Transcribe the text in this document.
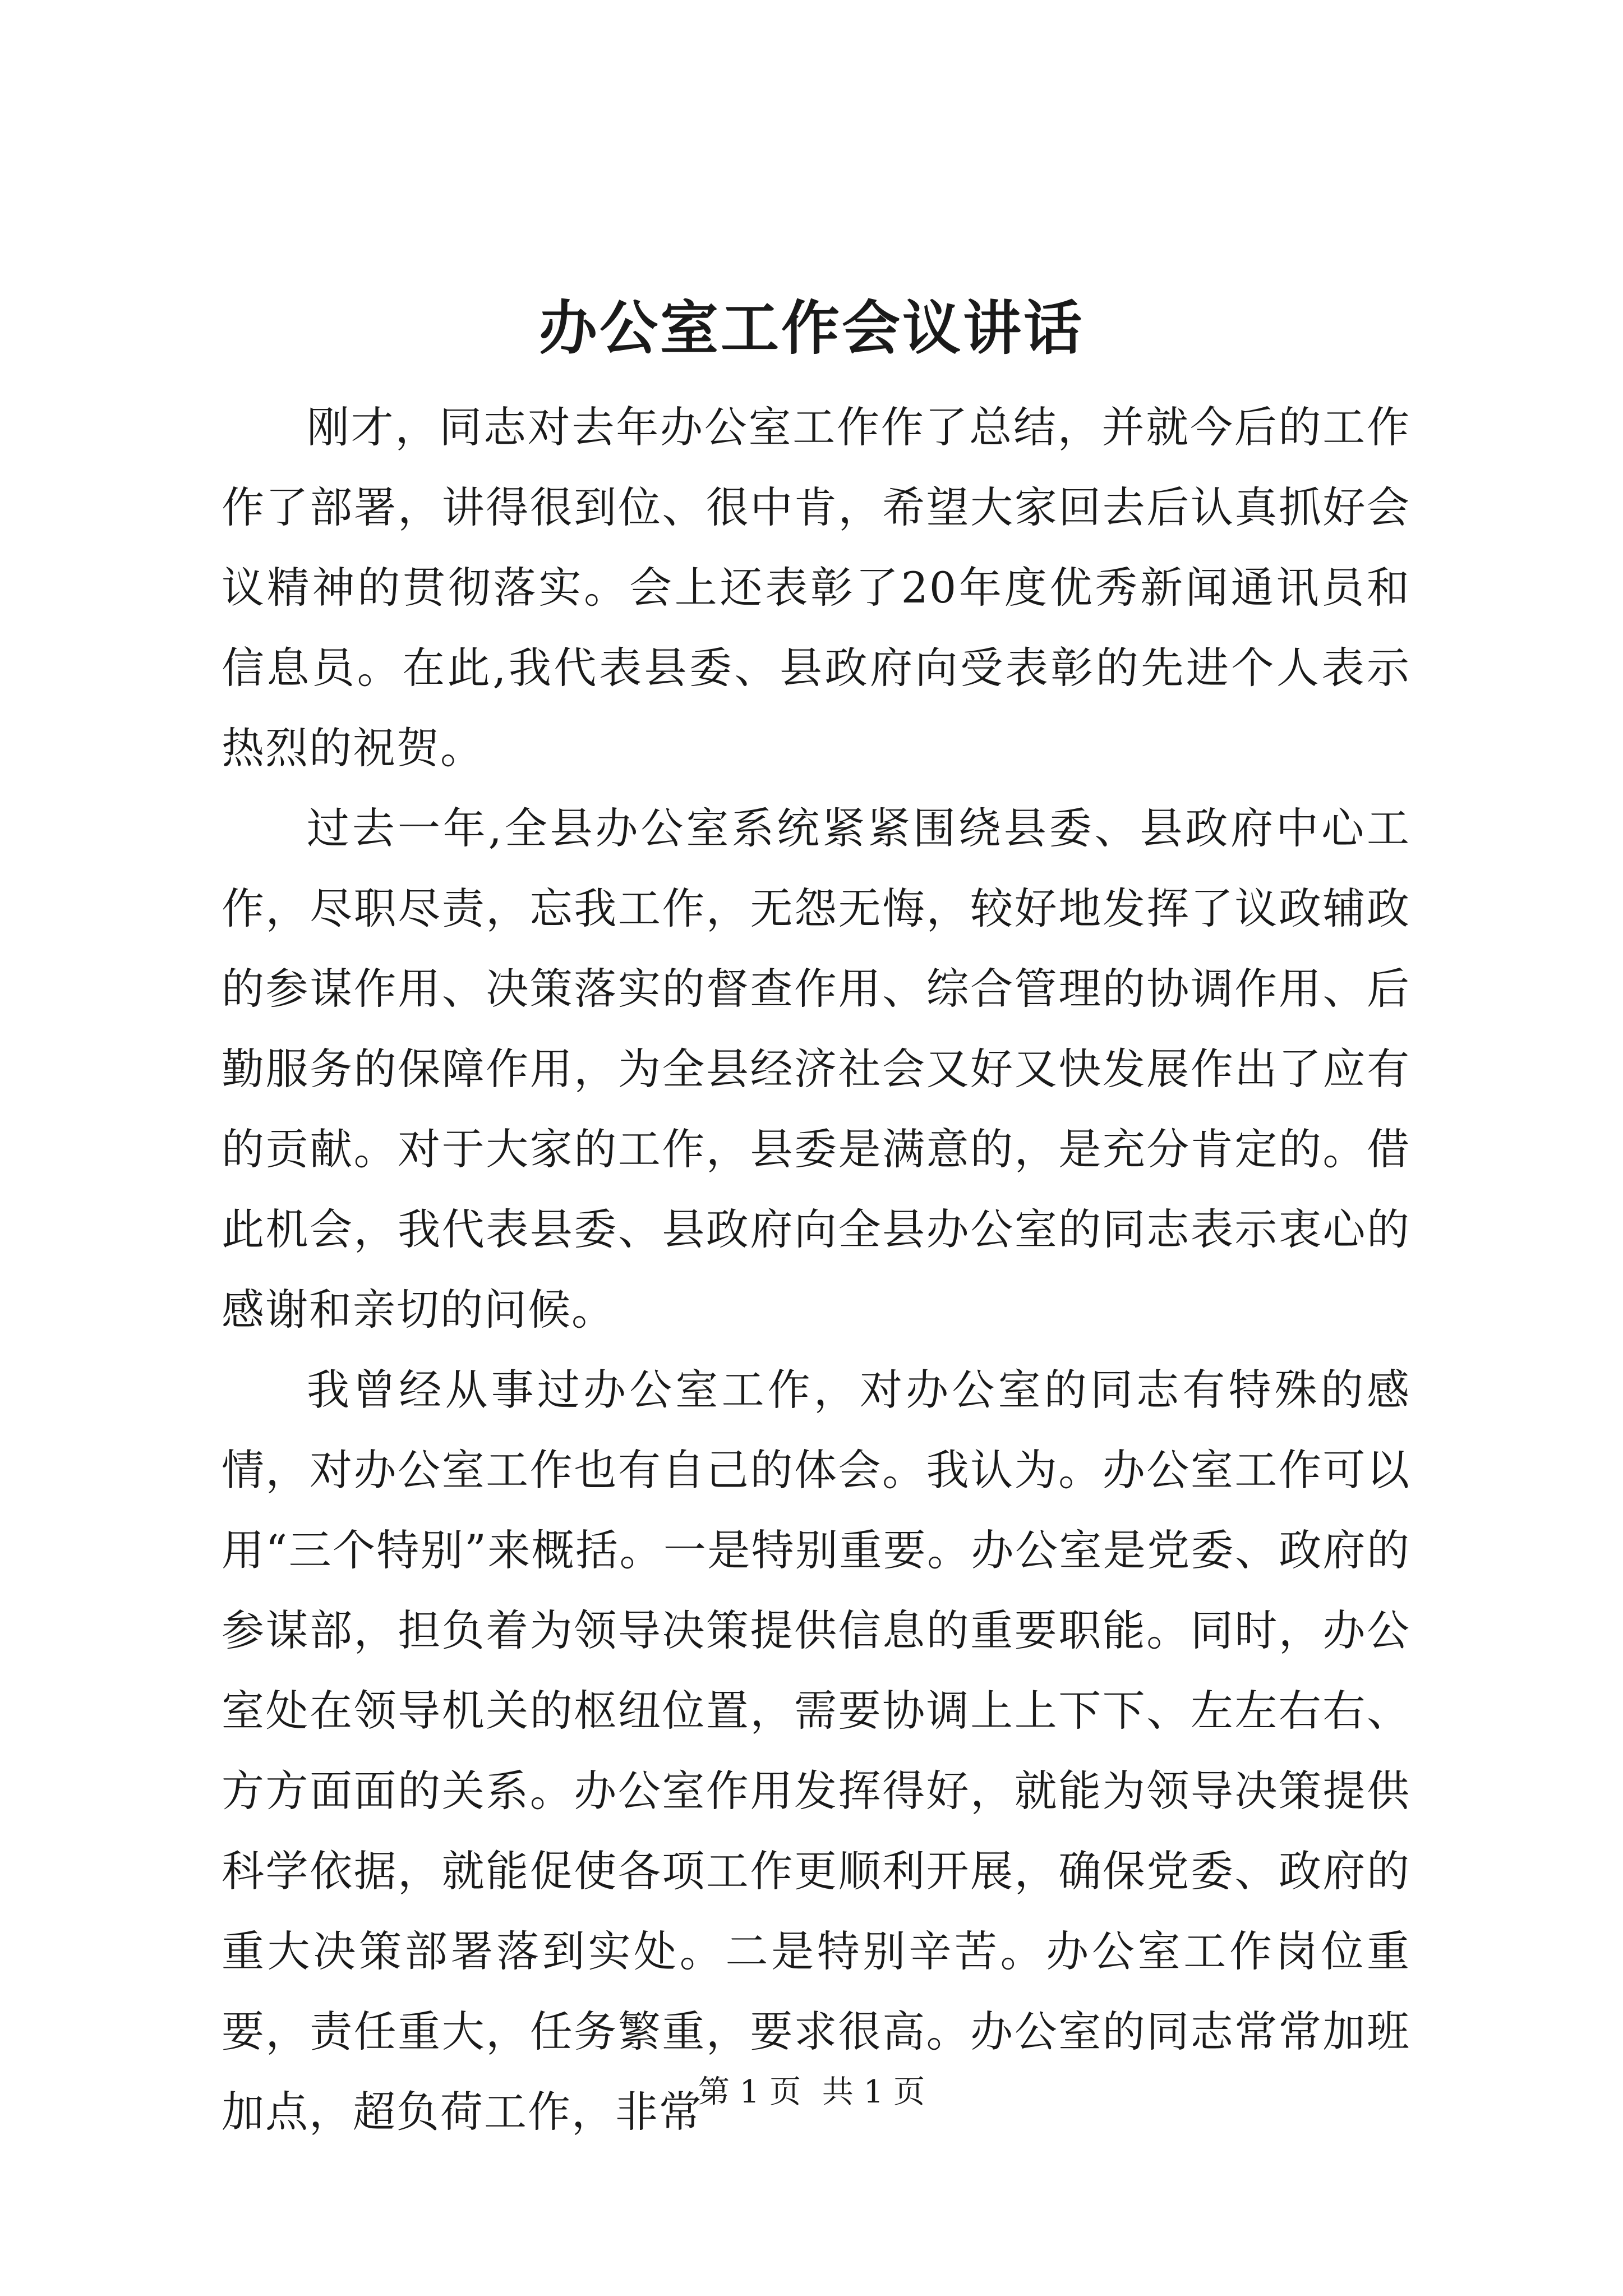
办公室工作会议讲话

刚才，同志对去年办公室工作作了总结，并就今后的工作作了部署，讲得很到位、很中肯，希望大家回去后认真抓好会议精神的贯彻落实。会上还表彰了20年度优秀新闻通讯员和信息员。在此,我代表县委、县政府向受表彰的先进个人表示热烈的祝贺。

过去一年,全县办公室系统紧紧围绕县委、县政府中心工作，尽职尽责，忘我工作，无怨无悔，较好地发挥了议政辅政的参谋作用、决策落实的督查作用、综合管理的协调作用、后勤服务的保障作用，为全县经济社会又好又快发展作出了应有的贡献。对于大家的工作，县委是满意的，是充分肯定的。借此机会，我代表县委、县政府向全县办公室的同志表示衷心的感谢和亲切的问候。

我曾经从事过办公室工作，对办公室的同志有特殊的感情，对办公室工作也有自己的体会。我认为。办公室工作可以用“三个特别”来概括。一是特别重要。办公室是党委、政府的参谋部，担负着为领导决策提供信息的重要职能。同时，办公室处在领导机关的枢纽位置，需要协调上上下下、左左右右、方方面面的关系。办公室作用发挥得好，就能为领导决策提供科学依据，就能促使各项工作更顺利开展，确保党委、政府的重大决策部署落到实处。二是特别辛苦。办公室工作岗位重要，责任重大，任务繁重，要求很高。办公室的同志常常加班加点，超负荷工作，非常

第 1 页 共 1 页
